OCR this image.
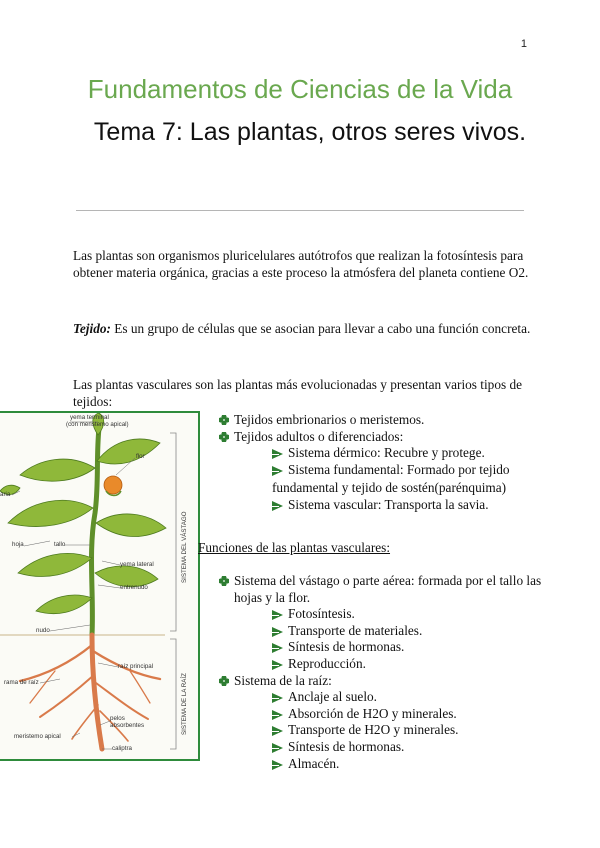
1
Fundamentos de Ciencias de la Vida
Tema 7: Las plantas, otros seres vivos.
Las plantas son organismos pluricelulares autótrofos que realizan la fotosíntesis para obtener materia orgánica, gracias a este proceso la atmósfera del planeta contiene O2.
Tejido: Es un grupo de células que se asocian para llevar a cabo una función concreta.
Las plantas vasculares son las plantas más evolucionadas y presentan varios tipos de tejidos:
yema terminal
(con meristemo apical)
flor
aria
hoja	tallo
yema lateral
entrenudo
nudo
raíz principal
rama de raíz
pelos
absorbentes
meristemo apical
caliptra
SISTEMA DEL VÁSTAGO
SISTEMA DE LA RAÍZ
Tejidos embrionarios o meristemos.
Tejidos adultos o diferenciados:
Sistema dérmico: Recubre y protege.
Sistema fundamental: Formado por tejido
fundamental y tejido de sostén(parénquima)
Sistema vascular: Transporta la savia.
Funciones de las plantas vasculares:
Sistema del vástago o parte aérea: formada por el tallo las hojas y la flor.
Fotosíntesis.
Transporte de materiales.
Síntesis de hormonas.
Reproducción.
Sistema de la raíz:
Anclaje al suelo.
Absorción de H2O y minerales.
Transporte de H2O y minerales.
Síntesis de hormonas.
Almacén.
